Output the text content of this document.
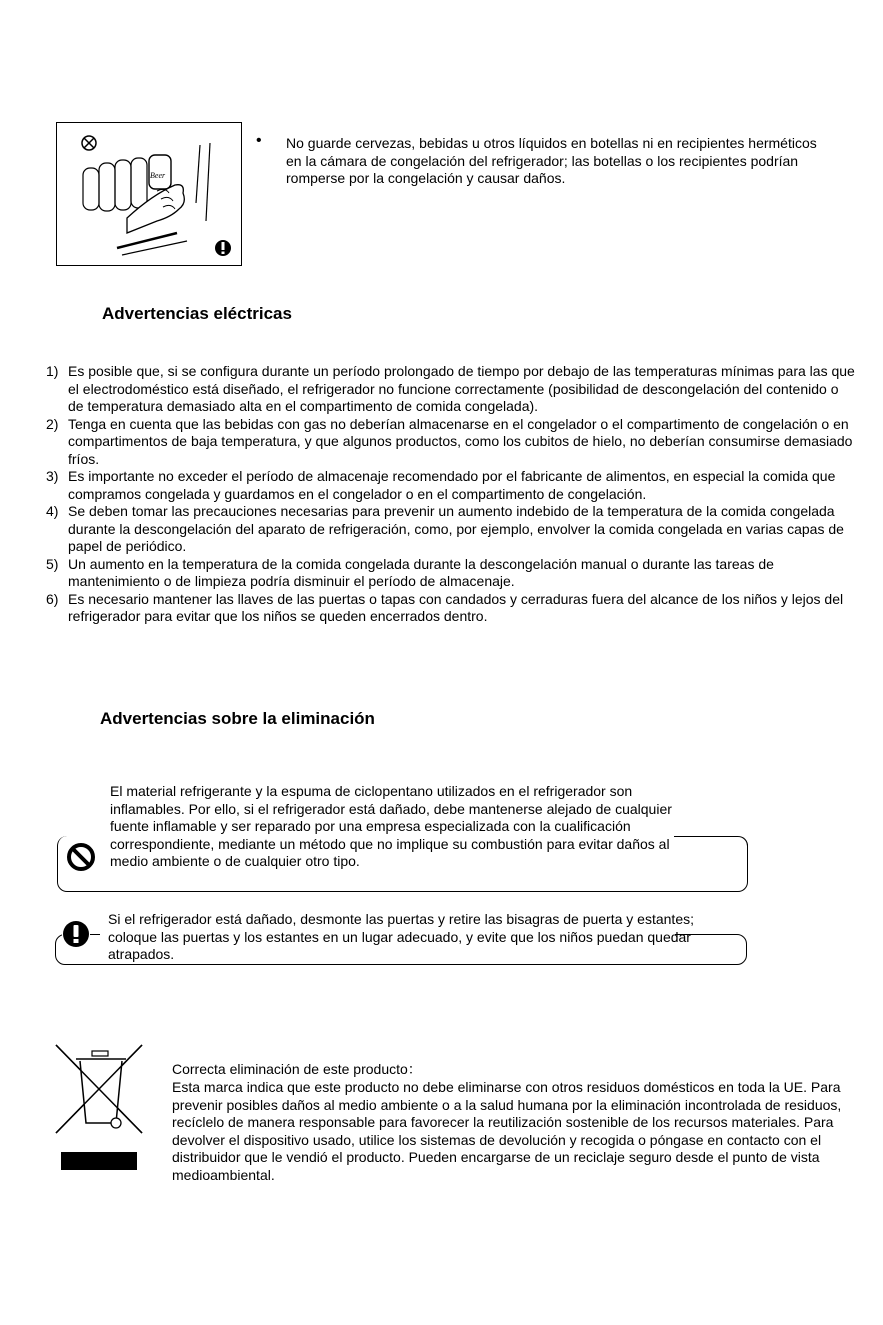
Beer
• No guarde cervezas, bebidas u otros líquidos en botellas ni en recipientes herméticos en la cámara de congelación del refrigerador; las botellas o los recipientes podrían romperse por la congelación y causar daños.

Advertencias eléctricas
1) Es posible que, si se configura durante un período prolongado de tiempo por debajo de las temperaturas mínimas para las que el electrodoméstico está diseñado, el refrigerador no funcione correctamente (posibilidad de descongelación del contenido o de temperatura demasiado alta en el compartimento de comida congelada).
2) Tenga en cuenta que las bebidas con gas no deberían almacenarse en el congelador o el compartimento de congelación o en compartimentos de baja temperatura, y que algunos productos, como los cubitos de hielo, no deberían consumirse demasiado fríos.
3) Es importante no exceder el período de almacenaje recomendado por el fabricante de alimentos, en especial la comida que compramos congelada y guardamos en el congelador o en el compartimento de congelación.
4) Se deben tomar las precauciones necesarias para prevenir un aumento indebido de la temperatura de la comida congelada durante la descongelación del aparato de refrigeración, como, por ejemplo, envolver la comida congelada en varias capas de papel de periódico.
5) Un aumento en la temperatura de la comida congelada durante la descongelación manual o durante las tareas de mantenimiento o de limpieza podría disminuir el período de almacenaje.
6) Es necesario mantener las llaves de las puertas o tapas con candados y cerraduras fuera del alcance de los niños y lejos del refrigerador para evitar que los niños se queden encerrados dentro.
Advertencias sobre la eliminación

El material refrigerante y la espuma de ciclopentano utilizados en el refrigerador son inflamables. Por ello, si el refrigerador está dañado, debe mantenerse alejado de cualquier fuente inflamable y ser reparado por una empresa especializada con la cualificación correspondiente, mediante un método que no implique su combustión para evitar daños al medio ambiente o de cualquier otro tipo.

Si el refrigerador está dañado, desmonte las puertas y retire las bisagras de puerta y estantes; coloque las puertas y los estantes en un lugar adecuado, y evite que los niños puedan quedar atrapados.

Correcta eliminación de este producto：

Esta marca indica que este producto no debe eliminarse con otros residuos domésticos en toda la UE. Para prevenir posibles daños al medio ambiente o a la salud humana por la eliminación incontrolada de residuos, recíclelo de manera responsable para favorecer la reutilización sostenible de los recursos materiales. Para devolver el dispositivo usado, utilice los sistemas de devolución y recogida o póngase en contacto con el distribuidor que le vendió el producto. Pueden encargarse de un reciclaje seguro desde el punto de vista medioambiental.
